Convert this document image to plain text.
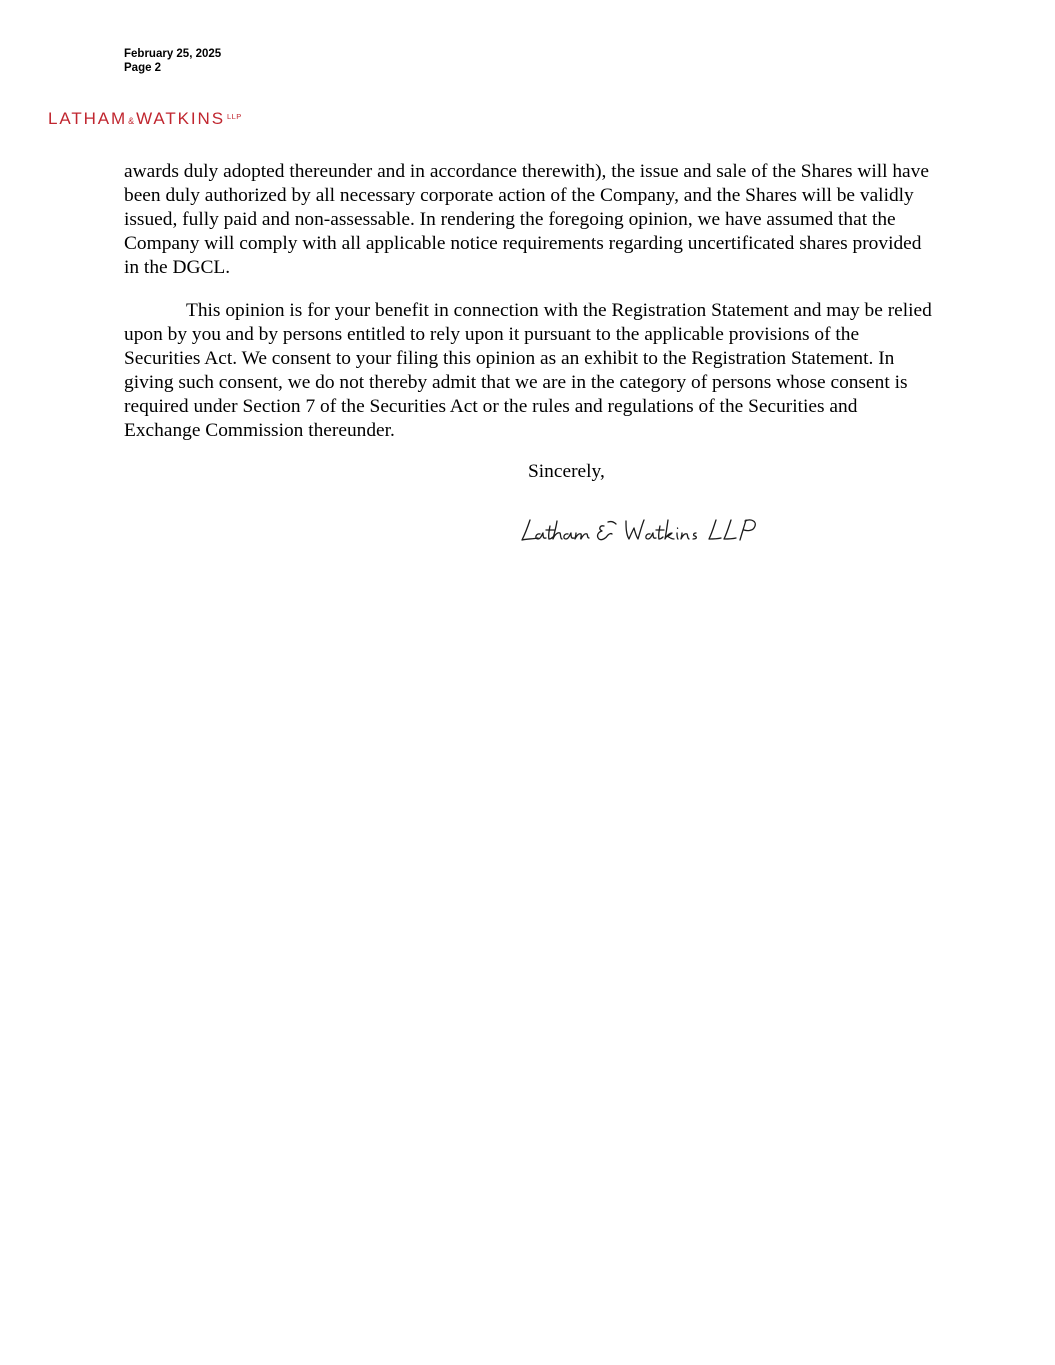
February 25, 2025
Page 2
LATHAM & WATKINS LLP

awards duly adopted thereunder and in accordance therewith), the issue and sale of the Shares will have been duly authorized by all necessary corporate action of the Company, and the Shares will be validly issued, fully paid and non-assessable. In rendering the foregoing opinion, we have assumed that the Company will comply with all applicable notice requirements regarding uncertificated shares provided in the DGCL.

This opinion is for your benefit in connection with the Registration Statement and may be relied upon by you and by persons entitled to rely upon it pursuant to the applicable provisions of the Securities Act. We consent to your filing this opinion as an exhibit to the Registration Statement. In giving such consent, we do not thereby admit that we are in the category of persons whose consent is required under Section 7 of the Securities Act or the rules and regulations of the Securities and Exchange Commission thereunder.

Sincerely,
